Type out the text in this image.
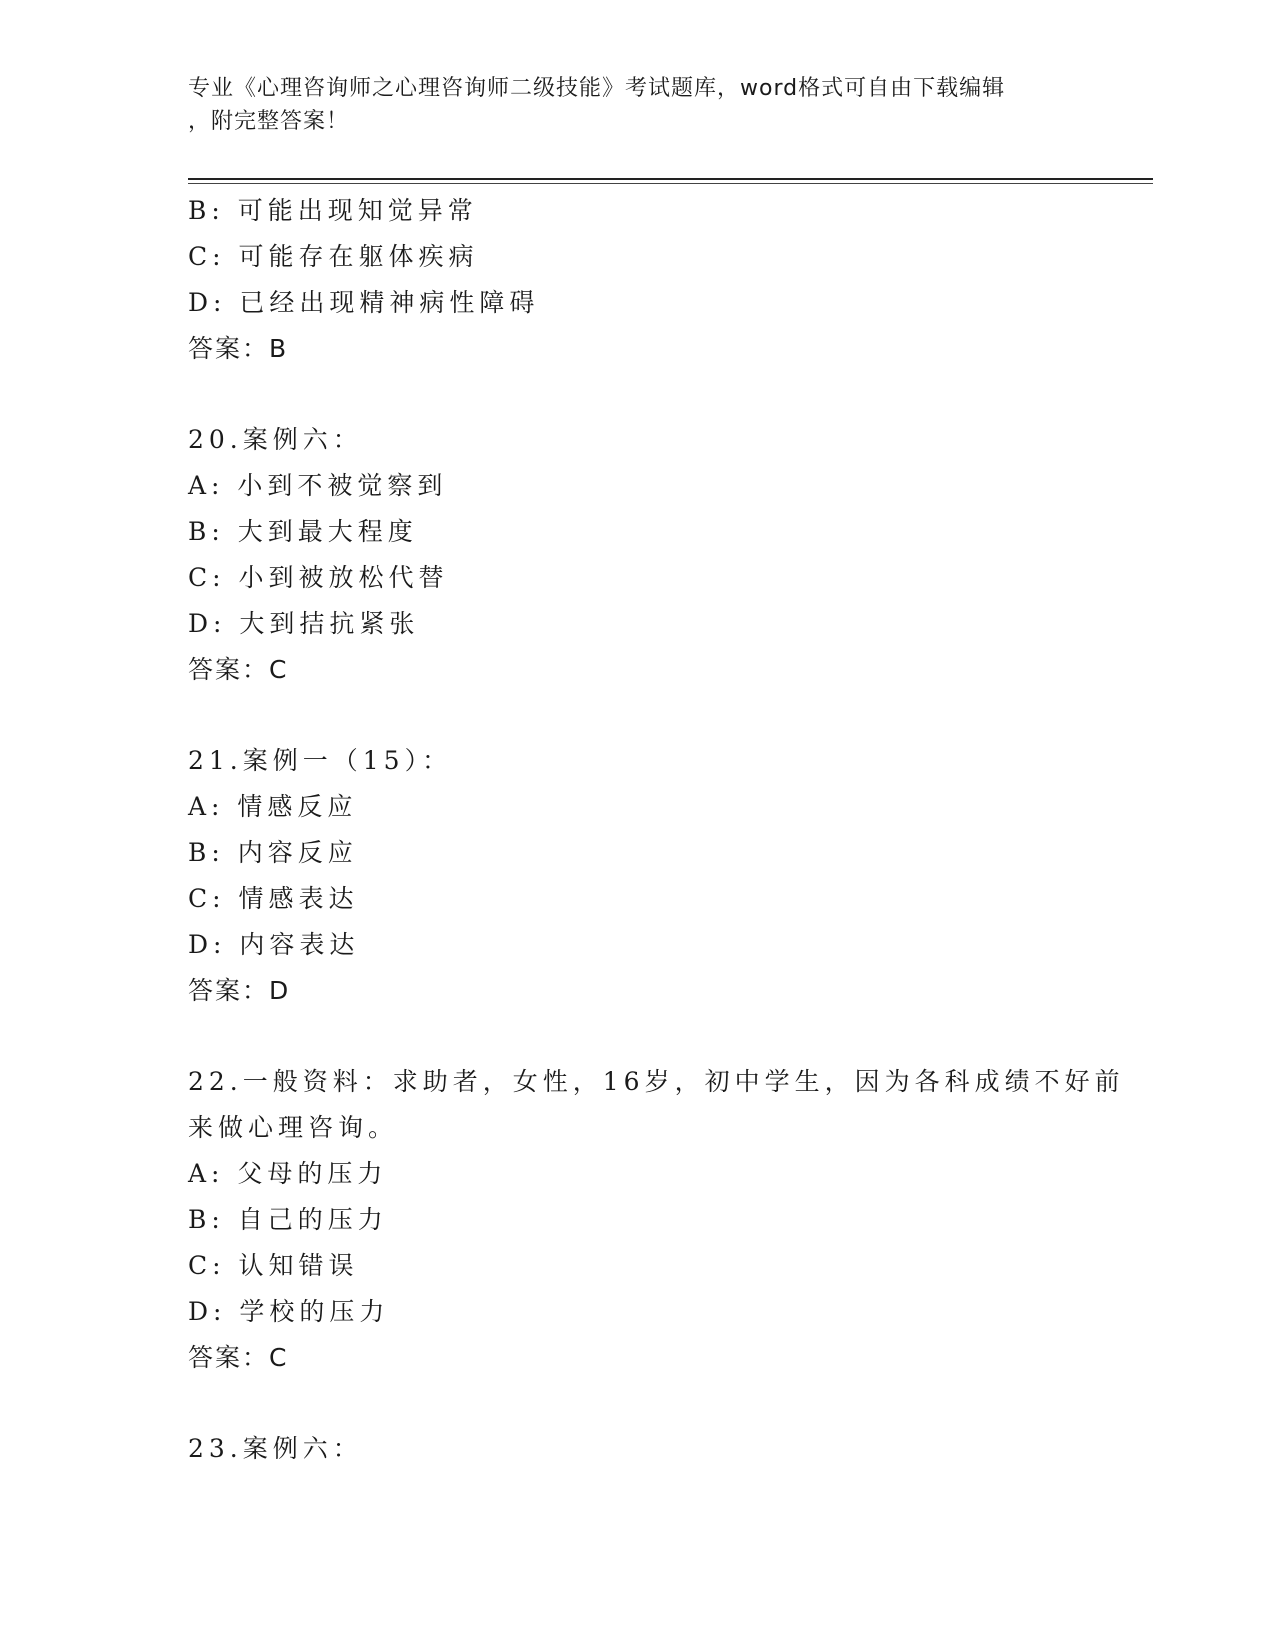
专业《心理咨询师之心理咨询师二级技能》考试题库，word格式可自由下载编辑
，附完整答案！
B: 可能出现知觉异常
C: 可能存在躯体疾病
D: 已经出现精神病性障碍
答案：B
20.案例六：
A: 小到不被觉察到
B: 大到最大程度
C: 小到被放松代替
D: 大到拮抗紧张
答案：C
21.案例一（15）：
A: 情感反应
B: 内容反应
C: 情感表达
D: 内容表达
答案：D
22.一般资料：求助者，女性，16岁，初中学生，因为各科成绩不好前
来做心理咨询。
A: 父母的压力
B: 自己的压力
C: 认知错误
D: 学校的压力
答案：C
23.案例六：
